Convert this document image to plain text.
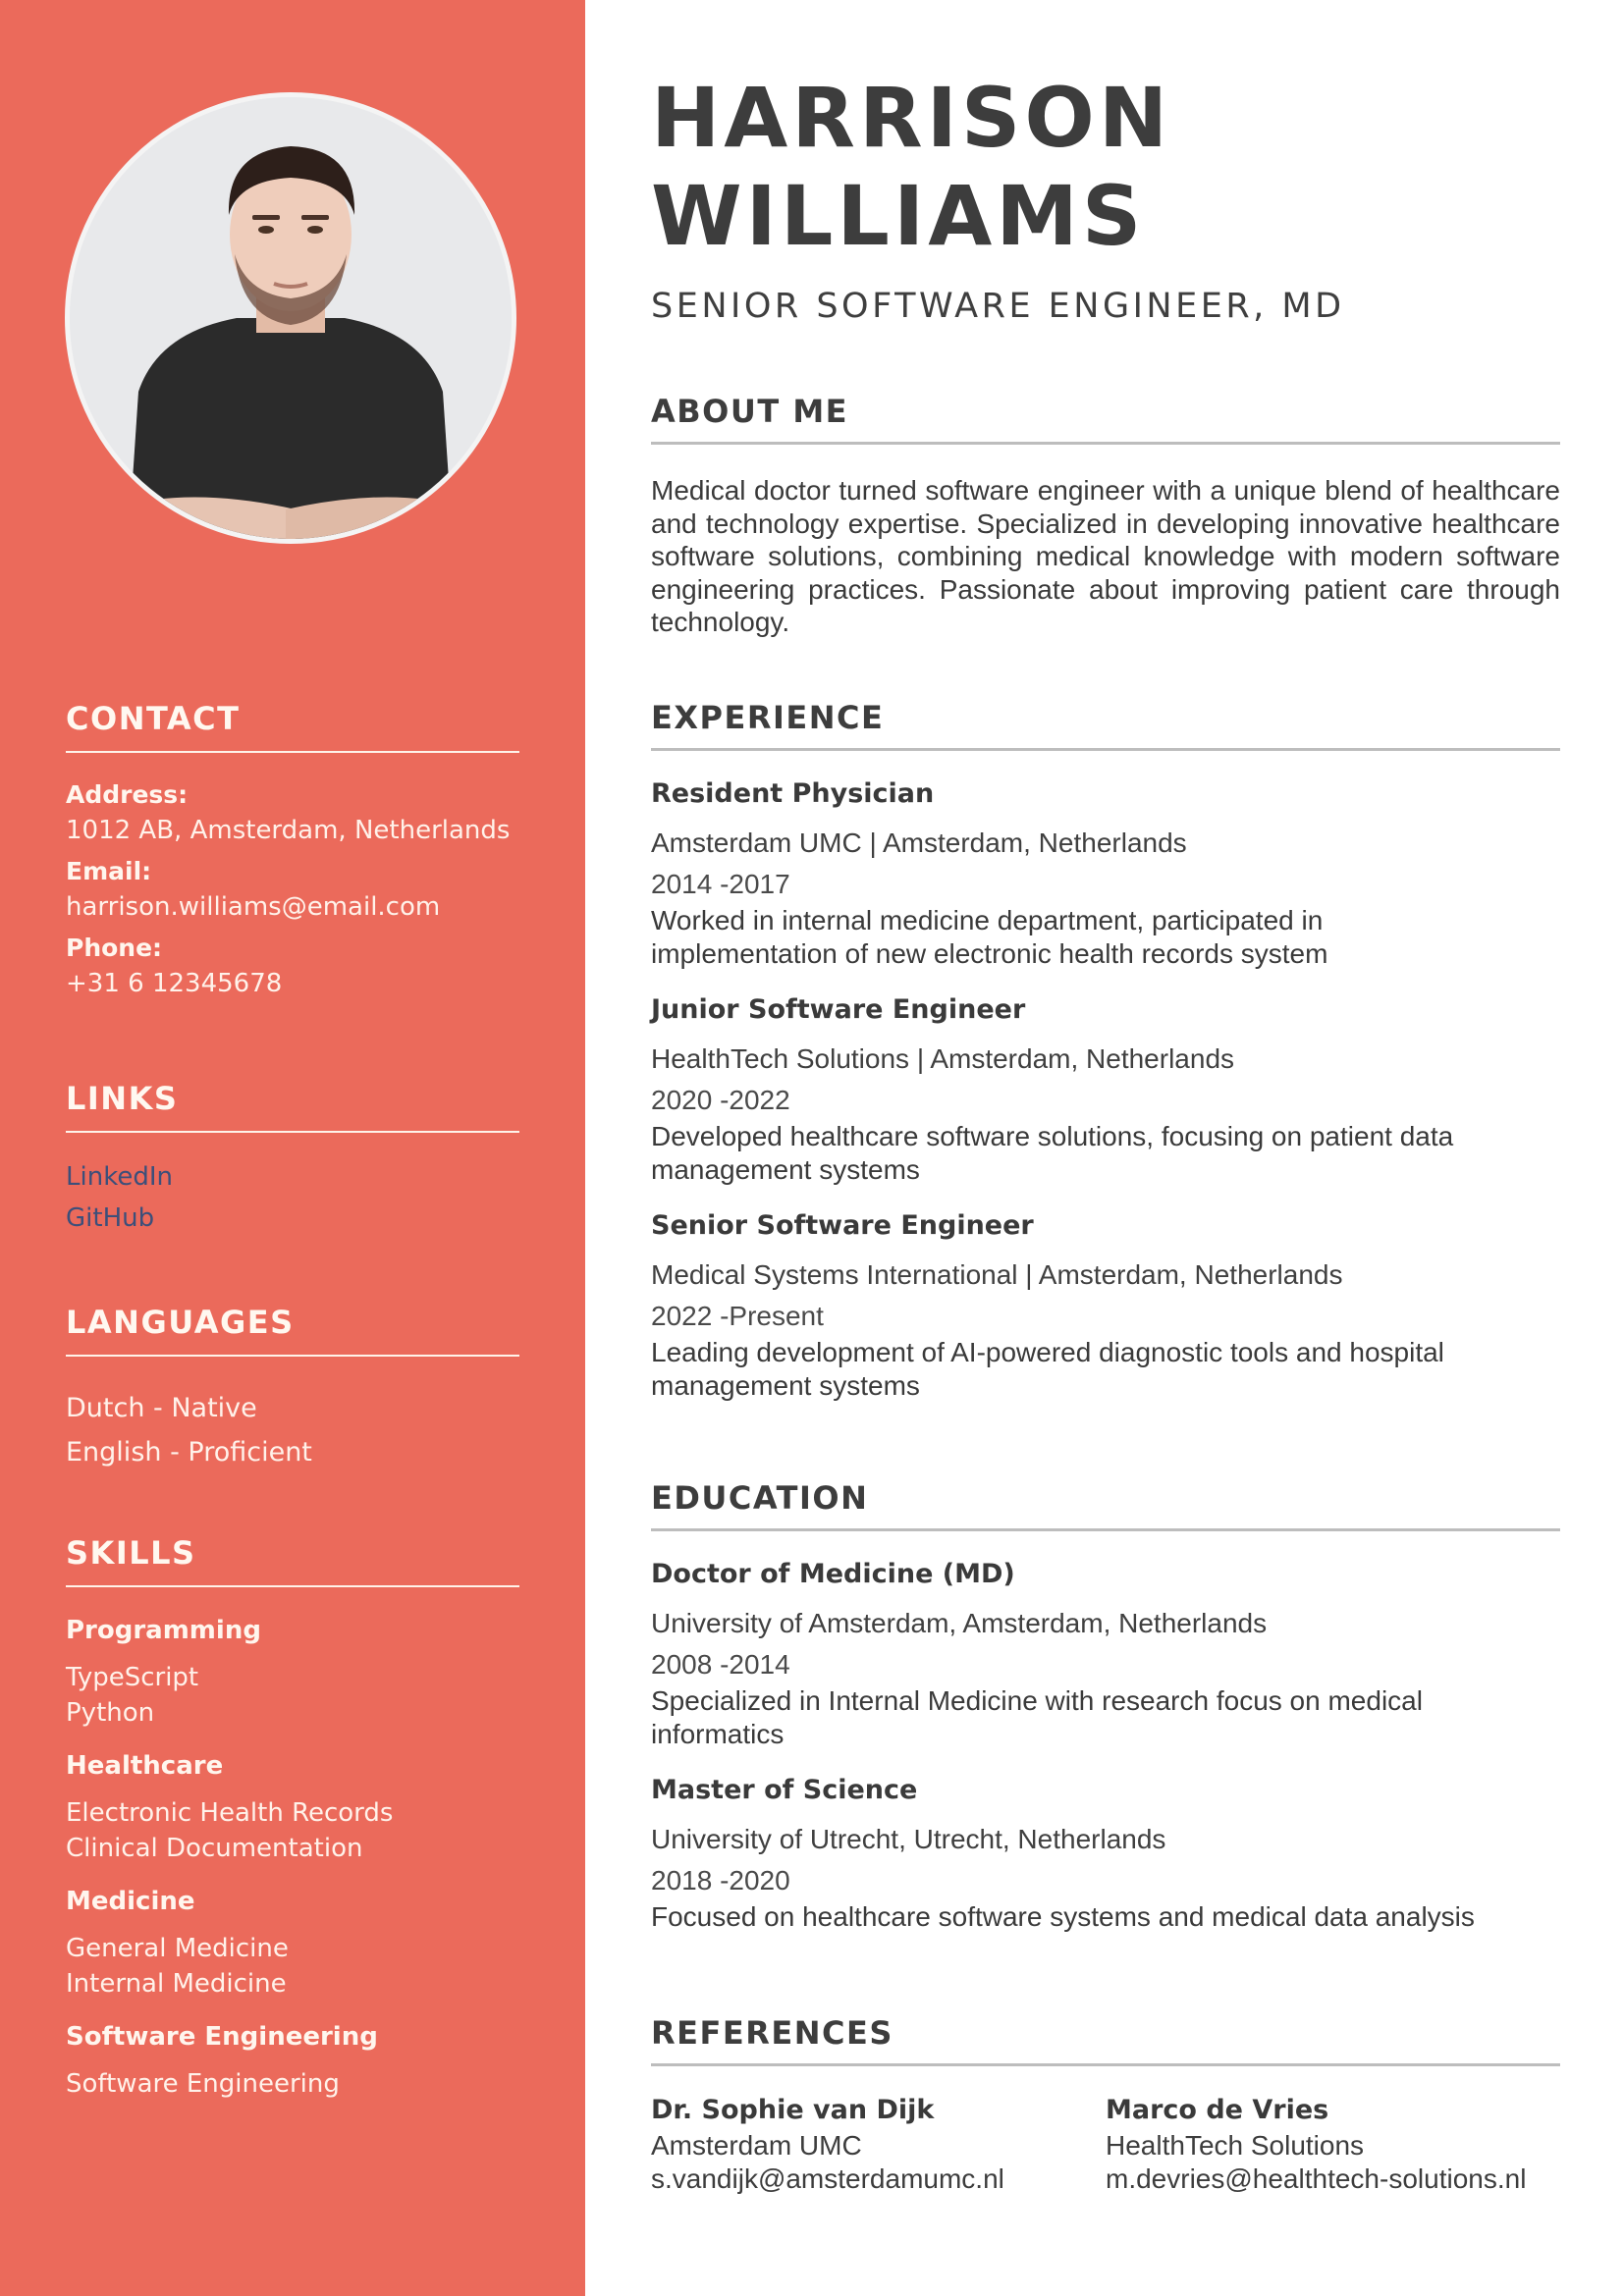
CONTACT
Address:
1012 AB, Amsterdam, Netherlands
Email:
harrison.williams@email.com
Phone:
+31 6 12345678
LINKS
LinkedIn
GitHub
LANGUAGES
Dutch - Native
English - Proficient
SKILLS
Programming
TypeScript
Python
Healthcare
Electronic Health Records
Clinical Documentation
Medicine
General Medicine
Internal Medicine
Software Engineering
Software Engineering
HARRISON
WILLIAMS
SENIOR SOFTWARE ENGINEER, MD
ABOUT ME

Medical doctor turned software engineer with a unique blend of healthcare and technology expertise. Specialized in developing innovative healthcare software solutions, combining medical knowledge with modern software engineering practices. Passionate about improving patient care through technology.

EXPERIENCE
Resident Physician
Amsterdam UMC | Amsterdam, Netherlands
2014 -2017
Worked in internal medicine department, participated in implementation of new electronic health records system
Junior Software Engineer
HealthTech Solutions | Amsterdam, Netherlands
2020 -2022
Developed healthcare software solutions, focusing on patient data management systems
Senior Software Engineer
Medical Systems International | Amsterdam, Netherlands
2022 -Present
Leading development of AI-powered diagnostic tools and hospital management systems
EDUCATION
Doctor of Medicine (MD)
University of Amsterdam, Amsterdam, Netherlands
2008 -2014
Specialized in Internal Medicine with research focus on medical informatics
Master of Science
University of Utrecht, Utrecht, Netherlands
2018 -2020
Focused on healthcare software systems and medical data analysis
REFERENCES
Dr. Sophie van Dijk
Amsterdam UMC
s.vandijk@amsterdamumc.nl
Marco de Vries
HealthTech Solutions
m.devries@healthtech-solutions.nl
